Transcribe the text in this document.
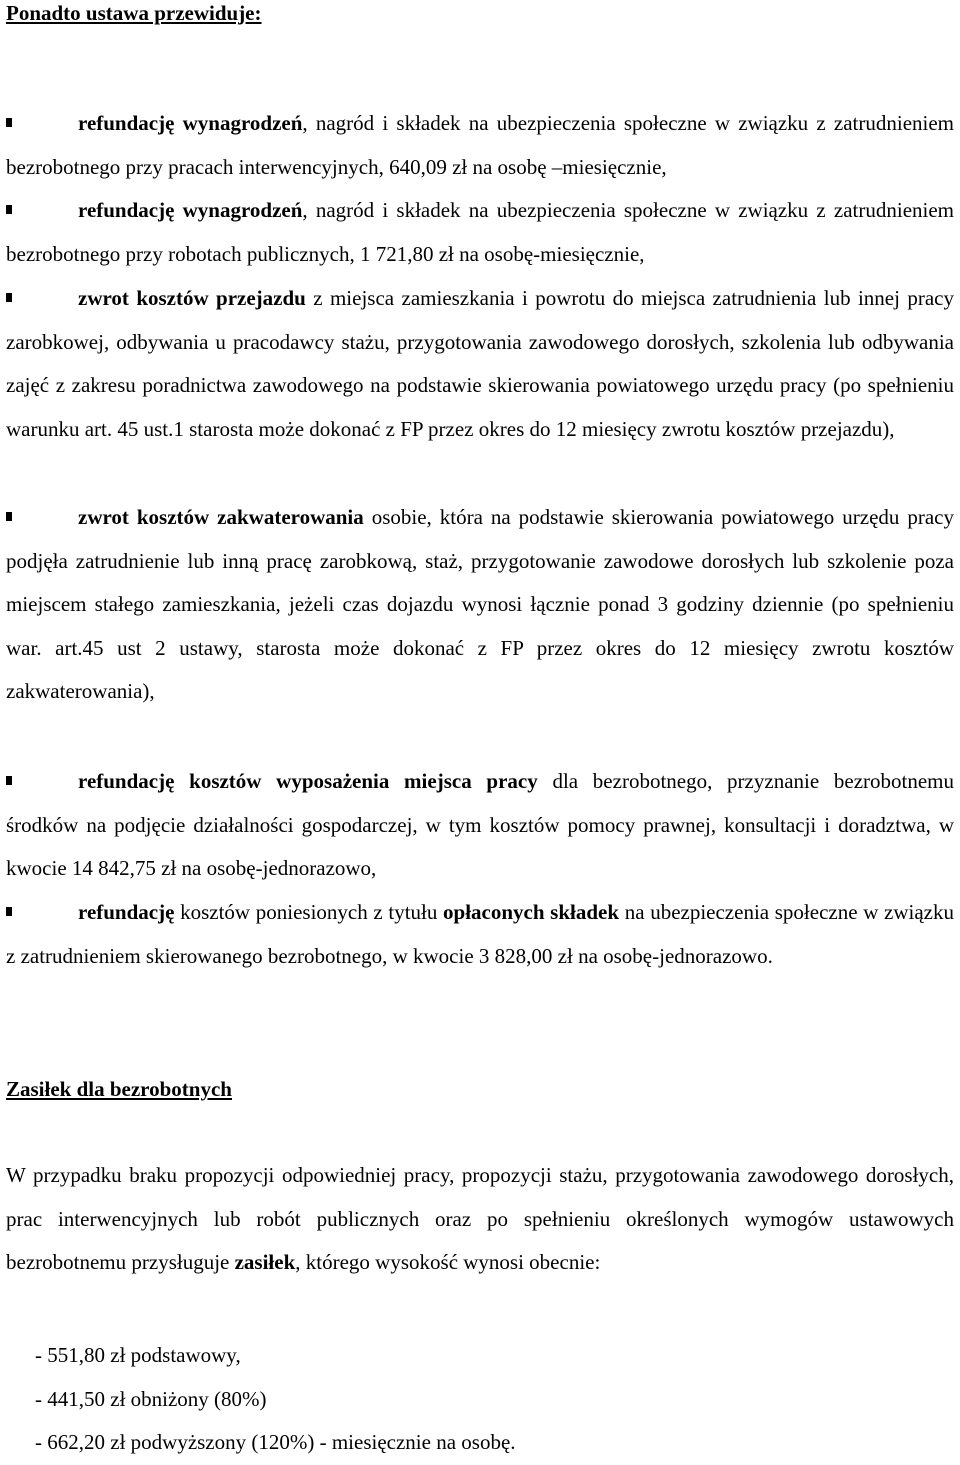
Ponadto ustawa przewiduje:

refundację wynagrodzeń, nagród i składek na ubezpieczenia społeczne w związku z zatrudnieniem bezrobotnego przy pracach interwencyjnych, 640,09 zł na osobę –miesięcznie,

refundację wynagrodzeń, nagród i składek na ubezpieczenia społeczne w związku z zatrudnieniem bezrobotnego przy robotach publicznych, 1 721,80 zł na osobę-miesięcznie,

zwrot kosztów przejazdu z miejsca zamieszkania i powrotu do miejsca zatrudnienia lub innej pracy zarobkowej, odbywania u pracodawcy stażu, przygotowania zawodowego dorosłych, szkolenia lub odbywania zajęć z zakresu poradnictwa zawodowego na podstawie skierowania powiatowego urzędu pracy (po spełnieniu warunku art. 45 ust.1 starosta może dokonać z FP przez okres do 12 miesięcy zwrotu kosztów przejazdu),

zwrot kosztów zakwaterowania osobie, która na podstawie skierowania powiatowego urzędu pracy podjęła zatrudnienie lub inną pracę zarobkową, staż, przygotowanie zawodowe dorosłych lub szkolenie poza miejscem stałego zamieszkania, jeżeli czas dojazdu wynosi łącznie ponad 3 godziny dziennie (po spełnieniu war. art.45 ust 2 ustawy, starosta może dokonać z FP przez okres do 12 miesięcy zwrotu kosztów zakwaterowania),

refundację kosztów wyposażenia miejsca pracy dla bezrobotnego, przyznanie bezrobotnemu środków na podjęcie działalności gospodarczej, w tym kosztów pomocy prawnej, konsultacji i doradztwa, w kwocie 14 842,75 zł na osobę-jednorazowo,

refundację kosztów poniesionych z tytułu opłaconych składek na ubezpieczenia społeczne w związku z zatrudnieniem skierowanego bezrobotnego, w kwocie 3 828,00 zł na osobę-jednorazowo.

Zasiłek dla bezrobotnych

W przypadku braku propozycji odpowiedniej pracy, propozycji stażu, przygotowania zawodowego dorosłych, prac interwencyjnych lub robót publicznych oraz po spełnieniu określonych wymogów ustawowych bezrobotnemu przysługuje zasiłek, którego wysokość wynosi obecnie:

- 551,80 zł podstawowy,
- 441,50 zł obniżony (80%)
- 662,20 zł podwyższony (120%) - miesięcznie na osobę.
